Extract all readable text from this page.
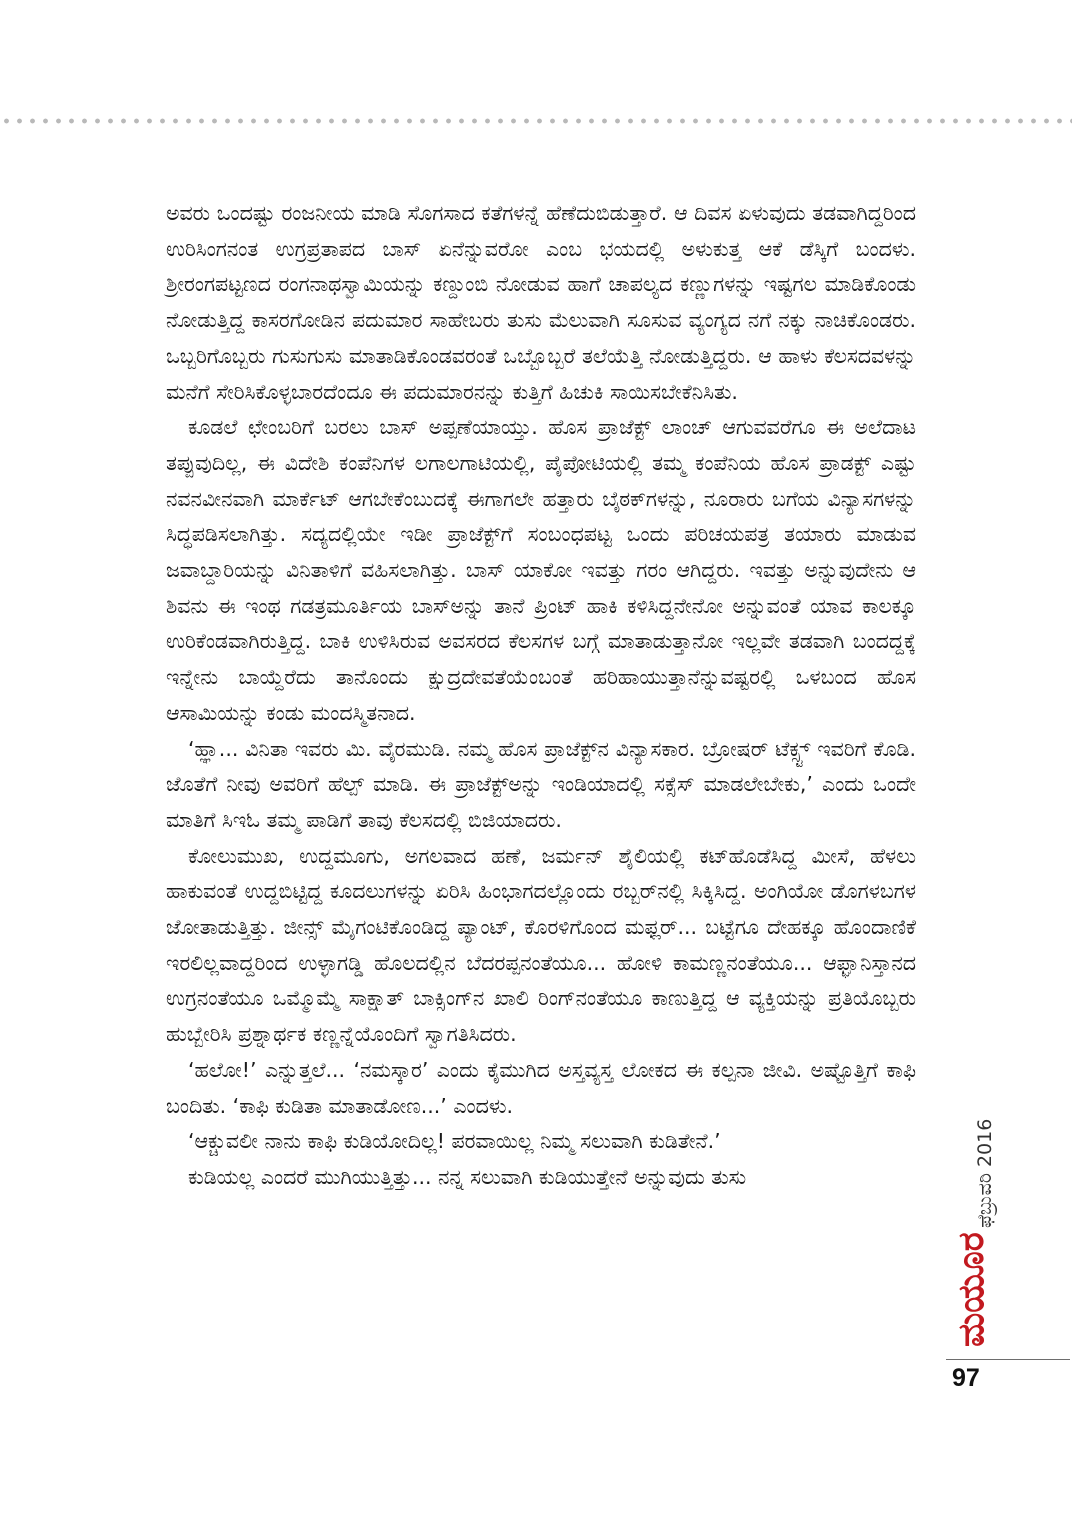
ಅವರು ಒಂದಷ್ಟು ರಂಜನೀಯ ಮಾಡಿ ಸೊಗಸಾದ ಕತೆಗಳನ್ನೆ ಹೆಣೆದುಬಿಡುತ್ತಾರೆ. ಆ ದಿವಸ ಏಳುವುದು ತಡವಾಗಿದ್ದರಿಂದ ಉರಿಸಿಂಗನಂತ ಉಗ್ರಪ್ರತಾಪದ ಬಾಸ್ ಏನೆನ್ನುವರೋ ಎಂಬ ಭಯದಲ್ಲಿ ಅಳುಕುತ್ತ ಆಕೆ ಡೆಸ್ಕಿಗೆ ಬಂದಳು. ಶ್ರೀರಂಗಪಟ್ಟಣದ ರಂಗನಾಥಸ್ವಾಮಿಯನ್ನು ಕಣ್ದುಂಬಿ ನೋಡುವ ಹಾಗೆ ಚಾಪಲ್ಯದ ಕಣ್ಣುಗಳನ್ನು ಇಷ್ಟಗಲ ಮಾಡಿಕೊಂಡು ನೋಡುತ್ತಿದ್ದ ಕಾಸರಗೋಡಿನ ಪದುಮಾರ ಸಾಹೇಬರು ತುಸು ಮೆಲುವಾಗಿ ಸೂಸುವ ವ್ಯಂಗ್ಯದ ನಗೆ ನಕ್ಕು ನಾಚಿಕೊಂಡರು. ಒಬ್ಬರಿಗೊಬ್ಬರು ಗುಸುಗುಸು ಮಾತಾಡಿಕೊಂಡವರಂತೆ ಒಬ್ಬೊಬ್ಬರೆ ತಲೆಯೆತ್ತಿ ನೋಡುತ್ತಿದ್ದರು. ಆ ಹಾಳು ಕೆಲಸದವಳನ್ನು ಮನೆಗೆ ಸೇರಿಸಿಕೊಳ್ಳಬಾರದೆಂದೂ ಈ ಪದುಮಾರನನ್ನು ಕುತ್ತಿಗೆ ಹಿಚುಕಿ ಸಾಯಿಸಬೇಕೆನಿಸಿತು.

ಕೂಡಲೆ ಛೇಂಬರಿಗೆ ಬರಲು ಬಾಸ್ ಅಪ್ಪಣೆಯಾಯ್ತು. ಹೊಸ ಪ್ರಾಜೆಕ್ಟ್ ಲಾಂಚ್ ಆಗುವವರೆಗೂ ಈ ಅಲೆದಾಟ ತಪ್ಪುವುದಿಲ್ಲ, ಈ ವಿದೇಶಿ ಕಂಪೆನಿಗಳ ಲಗಾಲಗಾಟಿಯಲ್ಲಿ, ಪೈಪೋಟಿಯಲ್ಲಿ ತಮ್ಮ ಕಂಪೆನಿಯ ಹೊಸ ಪ್ರಾಡಕ್ಟ್ ಎಷ್ಟು ನವನವೀನವಾಗಿ ಮಾರ್ಕೆಟ್ ಆಗಬೇಕೆಂಬುದಕ್ಕೆ ಈಗಾಗಲೇ ಹತ್ತಾರು ಬೈಠಕ್‌ಗಳನ್ನು, ನೂರಾರು ಬಗೆಯ ವಿನ್ಯಾಸಗಳನ್ನು ಸಿದ್ಧಪಡಿಸಲಾಗಿತ್ತು. ಸದ್ಯದಲ್ಲಿಯೇ ಇಡೀ ಪ್ರಾಜೆಕ್ಟ್‌ಗೆ ಸಂಬಂಧಪಟ್ಟ ಒಂದು ಪರಿಚಯಪತ್ರ ತಯಾರು ಮಾಡುವ ಜವಾಬ್ದಾರಿಯನ್ನು ವಿನಿತಾಳಿಗೆ ವಹಿಸಲಾಗಿತ್ತು. ಬಾಸ್ ಯಾಕೋ ಇವತ್ತು ಗರಂ ಆಗಿದ್ದರು. ಇವತ್ತು ಅನ್ನುವುದೇನು ಆ ಶಿವನು ಈ ಇಂಥ ಗಡತ್ರಮೂರ್ತಿಯ ಬಾಸ್‌ಅನ್ನು ತಾನೆ ಪ್ರಿಂಟ್ ಹಾಕಿ ಕಳಿಸಿದ್ದನೇನೋ ಅನ್ನುವಂತೆ ಯಾವ ಕಾಲಕ್ಕೂ ಉರಿಕೆಂಡವಾಗಿರುತ್ತಿದ್ದ. ಬಾಕಿ ಉಳಿಸಿರುವ ಅವಸರದ ಕೆಲಸಗಳ ಬಗ್ಗೆ ಮಾತಾಡುತ್ತಾನೋ ಇಲ್ಲವೇ ತಡವಾಗಿ ಬಂದದ್ದಕ್ಕೆ ಇನ್ನೇನು ಬಾಯ್ದೆರೆದು ತಾನೊಂದು ಕ್ಷುದ್ರದೇವತೆಯೆಂಬಂತೆ ಹರಿಹಾಯುತ್ತಾನೆನ್ನುವಷ್ಟರಲ್ಲಿ ಒಳಬಂದ ಹೊಸ ಆಸಾಮಿಯನ್ನು ಕಂಡು ಮಂದಸ್ಮಿತನಾದ.

‘ಹ್ಞಾ... ವಿನಿತಾ ಇವರು ಮಿ. ವೈರಮುಡಿ. ನಮ್ಮ ಹೊಸ ಪ್ರಾಜೆಕ್ಟ್‌ನ ವಿನ್ಯಾಸಕಾರ. ಬ್ರೋಷರ್ ಟೆಕ್ಸ್ಟ್ ಇವರಿಗೆ ಕೊಡಿ. ಜೊತೆಗೆ ನೀವು ಅವರಿಗೆ ಹೆಲ್ಪ್ ಮಾಡಿ. ಈ ಪ್ರಾಜೆಕ್ಟ್‌ಅನ್ನು ಇಂಡಿಯಾದಲ್ಲಿ ಸಕ್ಸೆಸ್ ಮಾಡಲೇಬೇಕು,’ ಎಂದು ಒಂದೇ ಮಾತಿಗೆ ಸಿಇಓ ತಮ್ಮ ಪಾಡಿಗೆ ತಾವು ಕೆಲಸದಲ್ಲಿ ಬಿಜಿಯಾದರು.

ಕೋಲುಮುಖ, ಉದ್ದಮೂಗು, ಅಗಲವಾದ ಹಣೆ, ಜರ್ಮನ್ ಶೈಲಿಯಲ್ಲಿ ಕಟ್‌ಹೊಡೆಸಿದ್ದ ಮೀಸೆ, ಹೆಳಲು ಹಾಕುವಂತೆ ಉದ್ದಬಿಟ್ಟಿದ್ದ ಕೂದಲುಗಳನ್ನು ಏರಿಸಿ ಹಿಂಭಾಗದಲ್ಲೊಂದು ರಬ್ಬರ್‌ನಲ್ಲಿ ಸಿಕ್ಕಿಸಿದ್ದ. ಅಂಗಿಯೋ ಡೊಗಳಬಗಳ ಜೋತಾಡುತ್ತಿತ್ತು. ಜೀನ್ಸ್ ಮೈಗಂಟಿಕೊಂಡಿದ್ದ ಪ್ಯಾಂಟ್, ಕೊರಳಿಗೊಂದ ಮಫ್ಲರ್... ಬಟ್ಟೆಗೂ ದೇಹಕ್ಕೂ ಹೊಂದಾಣಿಕೆ ಇರಲಿಲ್ಲವಾದ್ದರಿಂದ ಉಳ್ಳಾಗಡ್ಡಿ ಹೊಲದಲ್ಲಿನ ಬೆದರಪ್ಪನಂತೆಯೂ... ಹೋಳಿ ಕಾಮಣ್ಣನಂತೆಯೂ... ಆಫ್ಘಾನಿಸ್ತಾನದ ಉಗ್ರನಂತೆಯೂ ಒಮ್ಮೊಮ್ಮೆ ಸಾಕ್ಷಾತ್ ಬಾಕ್ಸಿಂಗ್‌ನ ಖಾಲಿ ರಿಂಗ್‌ನಂತೆಯೂ ಕಾಣುತ್ತಿದ್ದ ಆ ವ್ಯಕ್ತಿಯನ್ನು ಪ್ರತಿಯೊಬ್ಬರು ಹುಬ್ಬೇರಿಸಿ ಪ್ರಶ್ನಾರ್ಥಕ ಕಣ್ಣನ್ನೆಯೊಂದಿಗೆ ಸ್ವಾಗತಿಸಿದರು.

‘ಹಲೋ!’ ಎನ್ನುತ್ತಲೆ... ‘ನಮಸ್ಕಾರ’ ಎಂದು ಕೈಮುಗಿದ ಅಸ್ತವ್ಯಸ್ತ ಲೋಕದ ಈ ಕಲ್ಪನಾ ಜೀವಿ. ಅಷ್ಟೊತ್ತಿಗೆ ಕಾಫಿ ಬಂದಿತು. ‘ಕಾಫಿ ಕುಡಿತಾ ಮಾತಾಡೋಣ...’ ಎಂದಳು.

‘ಆಕ್ಚುವಲೀ ನಾನು ಕಾಫಿ ಕುಡಿಯೋದಿಲ್ಲ! ಪರವಾಯಿಲ್ಲ ನಿಮ್ಮ ಸಲುವಾಗಿ ಕುಡಿತೇನೆ.’

ಕುಡಿಯಲ್ಲ ಎಂದರೆ ಮುಗಿಯುತ್ತಿತ್ತು... ನನ್ನ ಸಲುವಾಗಿ ಕುಡಿಯುತ್ತೇನೆ ಅನ್ನುವುದು ತುಸು	ಫೆಬ್ರುವರಿ 2016
ಮಯೂರ
97
